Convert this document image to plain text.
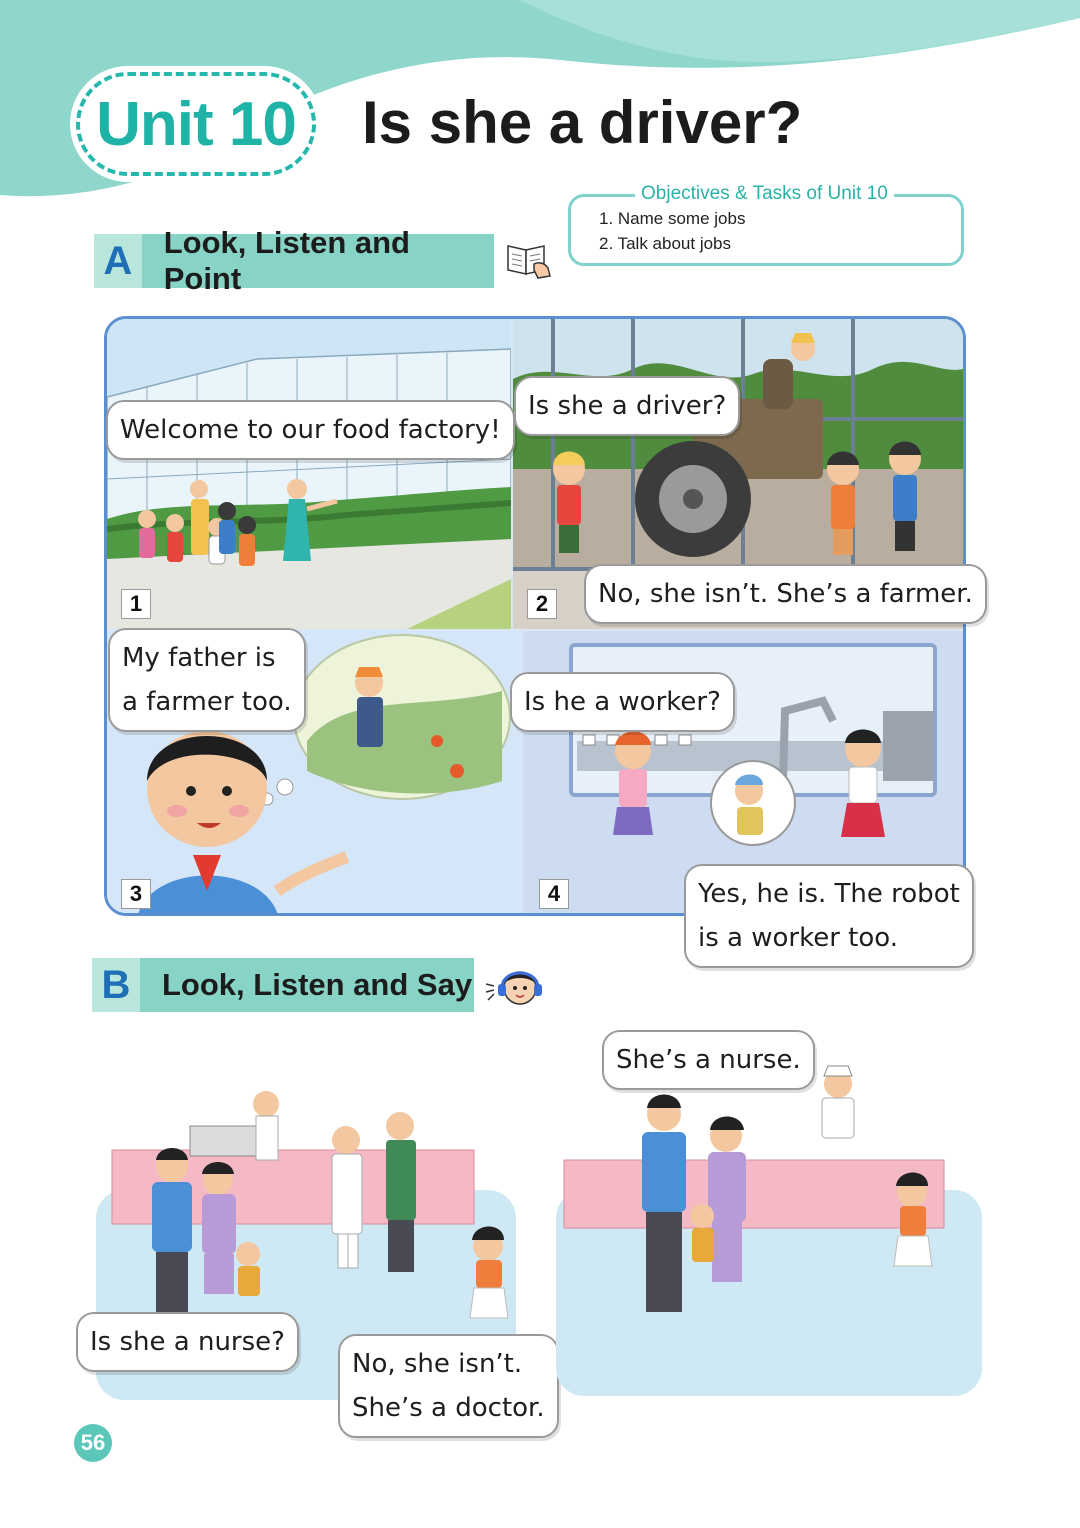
Unit 10 Is she a driver?
Objectives & Tasks of Unit 10
1. Name some jobs
2. Talk about jobs
A	Look, Listen and Point
1	2
3	4
Welcome to our food factory!
Is she a driver?
No, she isn’t. She’s a farmer.
My father is
a farmer too.	Is he a worker?
Yes, he is. The robot
is a worker too.
B	Look, Listen and Say
Is she a nurse?
No, she isn’t.
She’s a doctor.
She’s a nurse.
56
